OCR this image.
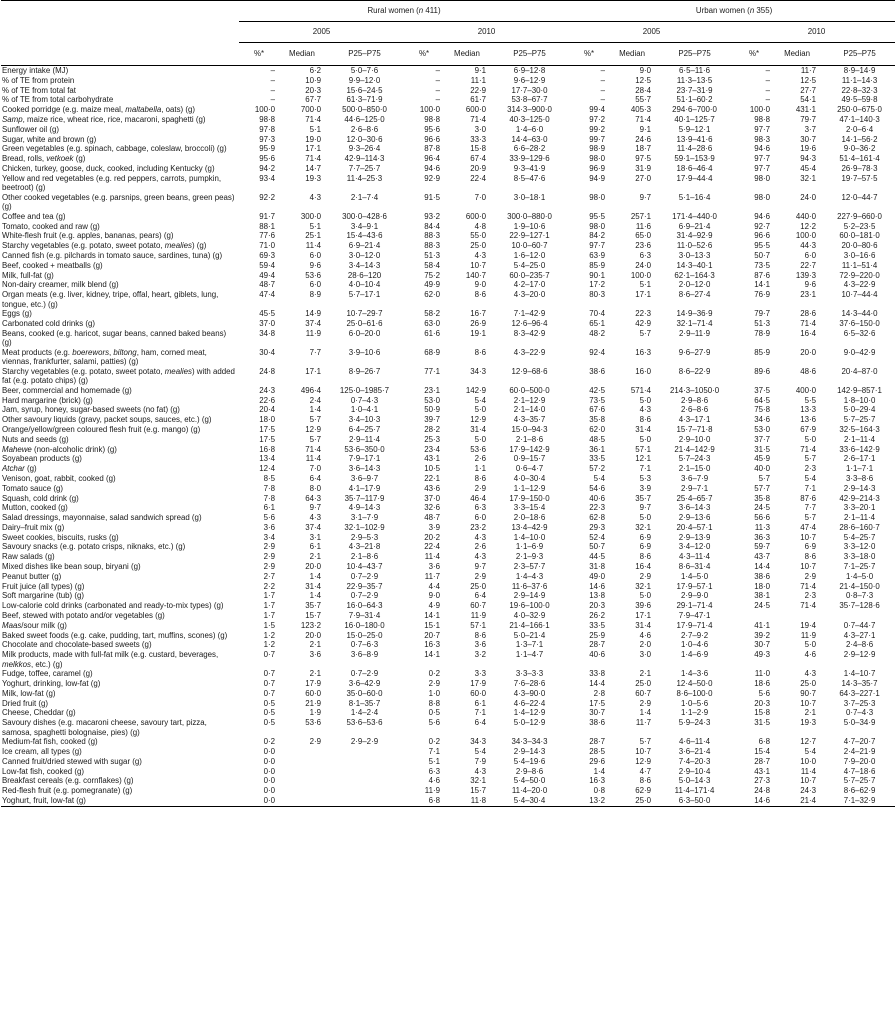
	Rural women (n 411)						Urban women (n 355)					
	2005			2010			2005			2010		
	%*	Median	P25–P75	%*	Median	P25–P75	%*	Median	P25–P75	%*	Median	P25–P75
Energy intake (MJ)	–	6·2	5·0–7·6	–	9·1	6·9–12·8	–	9·0	6·5–11·6	–	11·7	8·9–14·9
% of TE from protein	–	10·9	9·9–12·0	–	11·1	9·6–12·9	–	12·5	11·3–13·5	–	12·5	11·1–14·3
% of TE from total fat	–	20·3	15·6–24·5	–	22·9	17·7–30·0	–	28·4	23·7–31·9	–	27·7	22·8–32·3
% of TE from total carbohydrate	–	67·7	61·3–71·9	–	61·7	53·8–67·7	–	55·7	51·1–60·2	–	54·1	49·5–59·8
Cooked porridge (e.g. maize meal, maltabella, oats) (g)	100·0	700·0	500·0–850·0	100·0	600·0	314·3–900·0	99·4	405·3	294·6–700·0	100·0	431·1	250·0–675·0
Samp, maize rice, wheat rice, rice, macaroni, spaghetti (g)	98·8	71·4	44·6–125·0	98·8	71·4	40·3–125·0	97·2	71·4	40·1–125·7	98·8	79·7	47·1–140·3
Sunflower oil (g)	97·8	5·1	2·6–8·6	95·6	3·0	1·4–6·0	99·2	9·1	5·9–12·1	97·7	3·7	2·0–6·4
Sugar, white and brown (g)	97·3	19·0	12·0–30·6	96·6	33·3	14·4–63·0	99·7	24·6	13·9–41·6	98·3	30·7	14·1–56·2
Green vegetables (e.g. spinach, cabbage, coleslaw, broccoli) (g)	95·9	17·1	9·3–26·4	87·8	15·8	6·6–28·2	98·9	18·7	11·4–28·6	94·6	19·6	9·0–36·2
Bread, rolls, vetkoek (g)	95·6	71·4	42·9–114·3	96·4	67·4	33·9–129·6	98·0	97·5	59·1–153·9	97·7	94·3	51·4–161·4
Chicken, turkey, goose, duck, cooked, including Kentucky (g)	94·2	14·7	7·7–25·7	94·6	20·9	9·3–41·9	96·9	31·9	18·6–46·4	97·7	45·4	26·9–78·3
Yellow and red vegetables (e.g. red peppers, carrots, pumpkin, beetroot) (g)	93·4	19·3	11·4–25·3	92·9	22·4	8·5–47·6	94·9	27·0	17·9–44·4	98·0	32·1	19·7–57·5
Other cooked vegetables (e.g. parsnips, green beans, green peas) (g)	92·2	4·3	2·1–7·4	91·5	7·0	3·0–18·1	98·0	9·7	5·1–16·4	98·0	24·0	12·0–44·7
Coffee and tea (g)	91·7	300·0	300·0–428·6	93·2	600·0	300·0–880·0	95·5	257·1	171·4–440·0	94·6	440·0	227·9–660·0
Tomato, cooked and raw (g)	88·1	5·1	3·4–9·1	84·4	4·8	1·9–10·6	98·0	11·6	6·9–21·4	92·7	12·2	5·2–23·5
White-flesh fruit (e.g. apples, bananas, pears) (g)	77·6	25·1	15·4–43·6	88·3	55·0	22·9–127·1	84·2	65·0	31·4–92·9	96·6	100·0	60·0–181·0
Starchy vegetables (e.g. potato, sweet potato, mealies) (g)	71·0	11·4	6·9–21·4	88·3	25·0	10·0–60·7	97·7	23·6	11·0–52·6	95·5	44·3	20·0–80·6
Canned fish (e.g. pilchards in tomato sauce, sardines, tuna) (g)	69·3	6·0	3·0–12·0	51·3	4·3	1·6–12·0	63·9	6·3	3·0–13·3	50·7	6·0	3·0–16·6
Beef, cooked + meatballs (g)	59·4	9·6	3·4–14·3	58·4	10·7	5·4–25·0	85·9	24·0	14·3–40·1	73·5	22·7	11·1–51·4
Milk, full-fat (g)	49·4	53·6	28·6–120	75·2	140·7	60·0–235·7	90·1	100·0	62·1–164·3	87·6	139·3	72·9–220·0
Non-dairy creamer, milk blend (g)	48·7	6·0	4·0–10·4	49·9	9·0	4·2–17·0	17·2	5·1	2·0–12·0	14·1	9·6	4·3–22·9
Organ meats (e.g. liver, kidney, tripe, offal, heart, giblets, lung, tongue, etc.) (g)	47·4	8·9	5·7–17·1	62·0	8·6	4·3–20·0	80·3	17·1	8·6–27·4	76·9	23·1	10·7–44·4
Eggs (g)	45·5	14·9	10·7–29·7	58·2	16·7	7·1–42·9	70·4	22·3	14·9–36·9	79·7	28·6	14·3–44·0
Carbonated cold drinks (g)	37·0	37·4	25·0–61·6	63·0	26·9	12·6–96·4	65·1	42·9	32·1–71·4	51·3	71·4	37·6–150·0
Beans, cooked (e.g. haricot, sugar beans, canned baked beans) (g)	34·8	11·9	6·0–20·0	61·6	19·1	8·3–42·9	48·2	5·7	2·9–11·9	78·9	16·4	6·5–32·6
Meat products (e.g. boerewors, biltong, ham, corned meat, viennas, frankfurter, salami, patties) (g)	30·4	7·7	3·9–10·6	68·9	8·6	4·3–22·9	92·4	16·3	9·6–27·9	85·9	20·0	9·0–42·9
Starchy vegetables (e.g. potato, sweet potato, mealies) with added fat (e.g. potato chips) (g)	24·8	17·1	8·9–26·7	77·1	34·3	12·9–68·6	38·6	16·0	8·6–22·9	89·6	48·6	20·4–87·0
Beer, commercial and homemade (g)	24·3	496·4	125·0–1985·7	23·1	142·9	60·0–500·0	42·5	571·4	214·3–1050·0	37·5	400·0	142·9–857·1
Hard margarine (brick) (g)	22·6	2·4	0·7–4·3	53·0	5·4	2·1–12·9	73·5	5·0	2·9–8·6	64·5	5·5	1·8–10·0
Jam, syrup, honey, sugar-based sweets (no fat) (g)	20·4	1·4	1·0–4·1	50·9	5·0	2·1–14·0	67·6	4·3	2·6–8·6	75·8	13·3	5·0–29·4
Other savoury liquids (gravy, packet soups, sauces, etc.) (g)	18·0	5·7	3·4–10·3	39·7	12·9	4·3–35·7	35·8	8·6	4·3–17·1	34·6	13·6	5·7–25·7
Orange/yellow/green coloured flesh fruit (e.g. mango) (g)	17·5	12·9	6·4–25·7	28·2	31·4	15·0–94·3	62·0	31·4	15·7–71·8	53·0	67·9	32·5–164·3
Nuts and seeds (g)	17·5	5·7	2·9–11·4	25·3	5·0	2·1–8·6	48·5	5·0	2·9–10·0	37·7	5·0	2·1–11·4
Mahewe (non-alcoholic drink) (g)	16·8	71·4	53·6–350·0	23·4	53·6	17·9–142·9	36·1	57·1	21·4–142·9	31·5	71·4	33·6–142·9
Soyabean products (g)	13·4	11·4	7·9–17·1	43·1	2·6	0·9–15·7	33·5	12·1	5·7–24·3	45·9	5·7	2·6–17·1
Atchar (g)	12·4	7·0	3·6–14·3	10·5	1·1	0·6–4·7	57·2	7·1	2·1–15·0	40·0	2·3	1·1–7·1
Venison, goat, rabbit, cooked (g)	8·5	6·4	3·6–9·7	22·1	8·6	4·0–30·4	5·4	5·3	3·6–7·9	5·7	5·4	3·3–8·6
Tomato sauce (g)	7·8	8·0	4·1–17·9	43·6	2·9	1·1–12·9	54·6	3·9	2·9–7·1	57·7	7·1	2·9–14·3
Squash, cold drink (g)	7·8	64·3	35·7–117·9	37·0	46·4	17·9–150·0	40·6	35·7	25·4–65·7	35·8	87·6	42·9–214·3
Mutton, cooked (g)	6·1	9·7	4·9–14·3	32·6	6·3	3·3–15·4	22·3	9·7	3·6–14·3	24·5	7·7	3·3–20·1
Salad dressings, mayonnaise, salad sandwich spread (g)	5·6	4·3	3·1–7·9	48·7	6·0	2·0–18·6	62·8	5·0	2·9–13·6	56·6	5·7	2·1–11·4
Dairy–fruit mix (g)	3·6	37·4	32·1–102·9	3·9	23·2	13·4–42·9	29·3	32·1	20·4–57·1	11·3	47·4	28·6–160·7
Sweet cookies, biscuits, rusks (g)	3·4	3·1	2·9–5·3	20·2	4·3	1·4–10·0	52·4	6·9	2·9–13·9	36·3	10·7	5·4–25·7
Savoury snacks (e.g. potato crisps, niknaks, etc.) (g)	2·9	6·1	4·3–21·8	22·4	2·6	1·1–6·9	50·7	6·9	3·4–12·0	59·7	6·9	3·3–12·0
Raw salads (g)	2·9	2·1	2·1–8·6	11·4	4·3	2·1–9·3	44·5	8·6	4·3–11·4	43·7	8·6	3·3–18·0
Mixed dishes like bean soup, biryani (g)	2·9	20·0	10·4–43·7	3·6	9·7	2·3–57·7	31·8	16·4	8·6–31·4	14·4	10·7	7·1–25·7
Peanut butter (g)	2·7	1·4	0·7–2·9	11·7	2·9	1·4–4·3	49·0	2·9	1·4–5·0	38·6	2·9	1·4–5·0
Fruit juice (all types) (g)	2·2	31·4	22·9–35·7	4·4	25·0	11·6–37·6	14·6	32·1	17·9–57·1	18·0	71·4	21·4–150·0
Soft margarine (tub) (g)	1·7	1·4	0·7–2·9	9·0	6·4	2·9–14·9	13·8	5·0	2·9–9·0	38·1	2·3	0·8–7·3
Low-calorie cold drinks (carbonated and ready-to-mix types) (g)	1·7	35·7	16·0–64·3	4·9	60·7	19·6–100·0	20·3	39·6	29·1–71·4	24·5	71·4	35·7–128·6
Beef, stewed with potato and/or vegetables (g)	1·7	15·7	7·9–31·4	14·1	11·9	4·0–32·9	26·2	17·1	7·9–47·1			
Maas/sour milk (g)	1·5	123·2	16·0–180·0	15·1	57·1	21·4–166·1	33·5	31·4	17·9–71·4	41·1	19·4	0·7–44·7
Baked sweet foods (e.g. cake, pudding, tart, muffins, scones) (g)	1·2	20·0	15·0–25·0	20·7	8·6	5·0–21·4	25·9	4·6	2·7–9·2	39·2	11·9	4·3–27·1
Chocolate and chocolate-based sweets (g)	1·2	2·1	0·7–6·3	16·3	3·6	1·3–7·1	28·7	2·0	1·0–4·6	30·7	5·0	2·4–8·6
Milk products, made with full-fat milk (e.g. custard, beverages, melkkos, etc.) (g)	0·7	3·6	3·6–8·9	14·1	3·2	1·1–4·7	40·6	3·0	1·4–6·9	49·3	4·6	2·9–12·9
Fudge, toffee, caramel (g)	0·7	2·1	0·7–2·9	0·2	3·3	3·3–3·3	33·8	2·1	1·4–3·6	11·0	4·3	1·4–10·7
Yoghurt, drinking, low-fat (g)	0·7	17·9	3·6–42·9	2·9	17·9	7·6–28·6	14·4	25·0	12·4–50·0	18·6	25·0	14·3–35·7
Milk, low-fat (g)	0·7	60·0	35·0–60·0	1·0	60·0	4·3–90·0	2·8	60·7	8·6–100·0	5·6	90·7	64·3–227·1
Dried fruit (g)	0·5	21·9	8·1–35·7	8·8	6·1	4·6–22·4	17·5	2·9	1·0–5·6	20·3	10·7	3·7–25·3
Cheese, Cheddar (g)	0·5	1·9	1·4–2·4	0·5	7·1	1·4–12·9	30·7	1·4	1·1–2·9	15·8	2·1	0·7–4·3
Savoury dishes (e.g. macaroni cheese, savoury tart, pizza, samosa, spaghetti bolognaise, pies) (g)	0·5	53·6	53·6–53·6	5·6	6·4	5·0–12·9	38·6	11·7	5·9–24·3	31·5	19·3	5·0–34·9
Medium-fat fish, cooked (g)	0·2	2·9	2·9–2·9	0·2	34·3	34·3–34·3	28·7	5·7	4·6–11·4	6·8	12·7	4·7–20·7
Ice cream, all types (g)	0·0			7·1	5·4	2·9–14·3	28·5	10·7	3·6–21·4	15·4	5·4	2·4–21·9
Canned fruit/dried stewed with sugar (g)	0·0			5·1	7·9	5·4–19·6	29·6	12·9	7·4–20·3	28·7	10·0	7·9–20·0
Low-fat fish, cooked (g)	0·0			6·3	4·3	2·9–8·6	1·4	4·7	2·9–10·4	43·1	11·4	4·7–18·6
Breakfast cereals (e.g. cornflakes) (g)	0·0			4·6	32·1	5·4–50·0	16·3	8·6	5·0–14·3	27·3	10·7	5·7–25·7
Red-flesh fruit (e.g. pomegranate) (g)	0·0			11·9	15·7	11·4–20·0	0·8	62·9	11·4–171·4	24·8	24·3	8·6–62·9
Yoghurt, fruit, low-fat (g)	0·0			6·8	11·8	5·4–30·4	13·2	25·0	6·3–50·0	14·6	21·4	7·1–32·9
